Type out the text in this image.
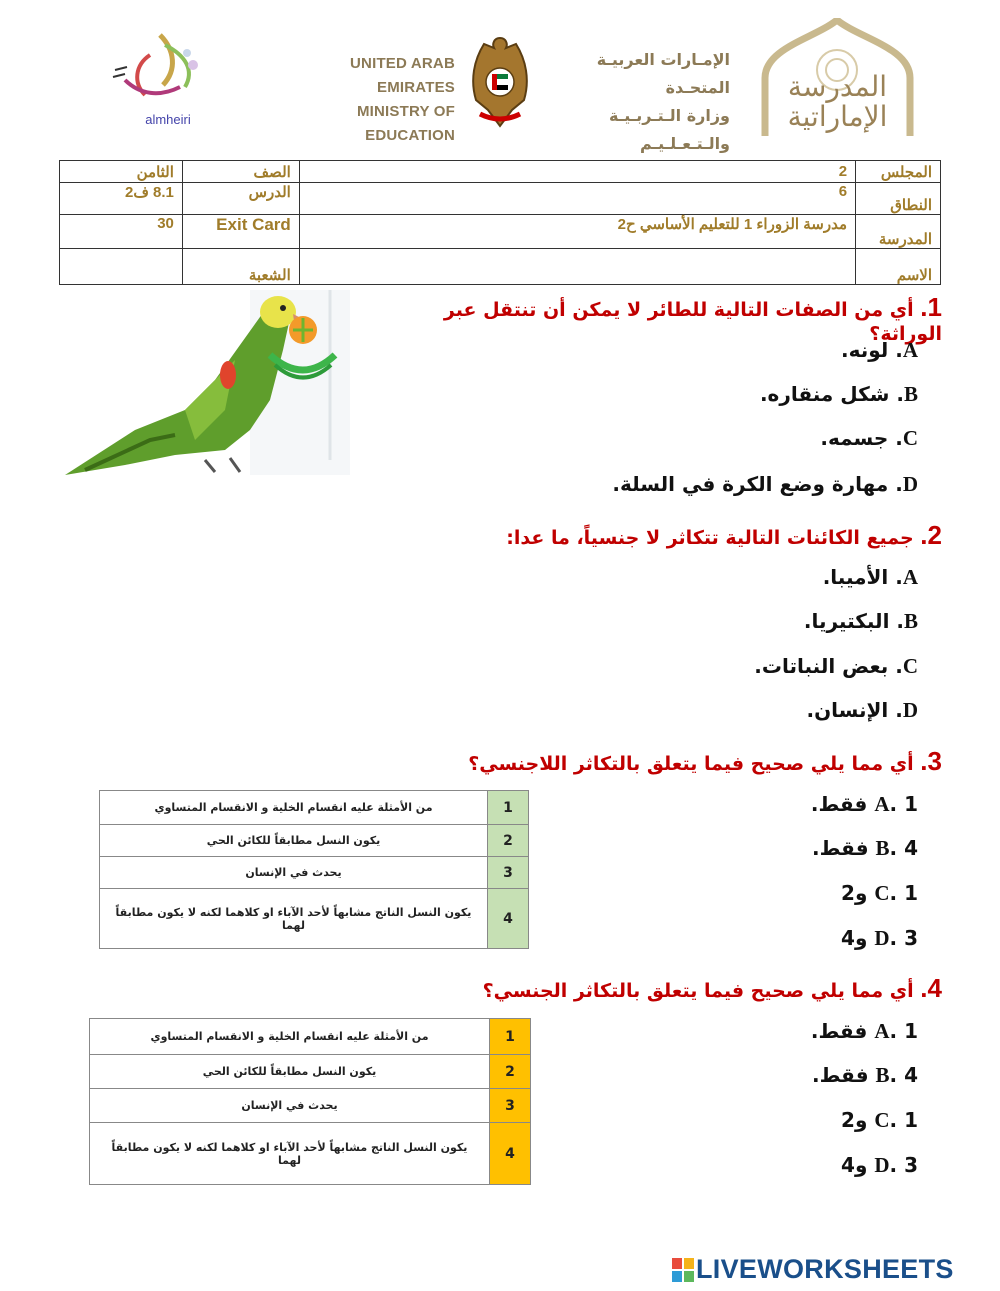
almheiri
UNITED ARAB EMIRATES
MINISTRY OF EDUCATION
الإمـارات العربيـة المتحـدة
وزارة الـتـربـيـة والـتـعـلـيـم
المدرسة
الإماراتية
المجلس	2	الصف	الثامن
النطاق	6	الدرس	8.1 ف2
المدرسة	مدرسة الزوراء 1 للتعليم الأساسي ح2	Exit Card	30
الاسم		الشعبة	
1. أي من الصفات التالية للطائر لا يمكن أن تنتقل عبر الوراثة؟
A. لونه.
B. شكل منقاره.
C. جسمه.
D. مهارة وضع الكرة في السلة.
2. جميع الكائنات التالية تتكاثر لا جنسياً، ما عدا:
A. الأميبا.
B. البكتيريا.
C. بعض النباتات.
D. الإنسان.
3. أي مما يلي صحيح فيما يتعلق بالتكاثر اللاجنسي؟
1	من الأمثلة عليه انقسام الخلية و الانقسام المتساوي
2	يكون النسل مطابقاً للكائن الحي
3	يحدث في الإنسان
4	يكون النسل الناتج مشابهاً لأحد الآباء او كلاهما لكنه لا يكون مطابقاً لهما
A. 1 فقط.
B. 4 فقط.
C. 1 و2
D. 3 و4
4. أي مما يلي صحيح فيما يتعلق بالتكاثر الجنسي؟
1	من الأمثلة عليه انقسام الخلية و الانقسام المتساوي
2	يكون النسل مطابقاً للكائن الحي
3	يحدث في الإنسان
4	يكون النسل الناتج مشابهاً لأحد الآباء او كلاهما لكنه لا يكون مطابقاً لهما
A. 1 فقط.
B. 4 فقط.
C. 1 و2
D. 3 و4
LIVEWORKSHEETS
